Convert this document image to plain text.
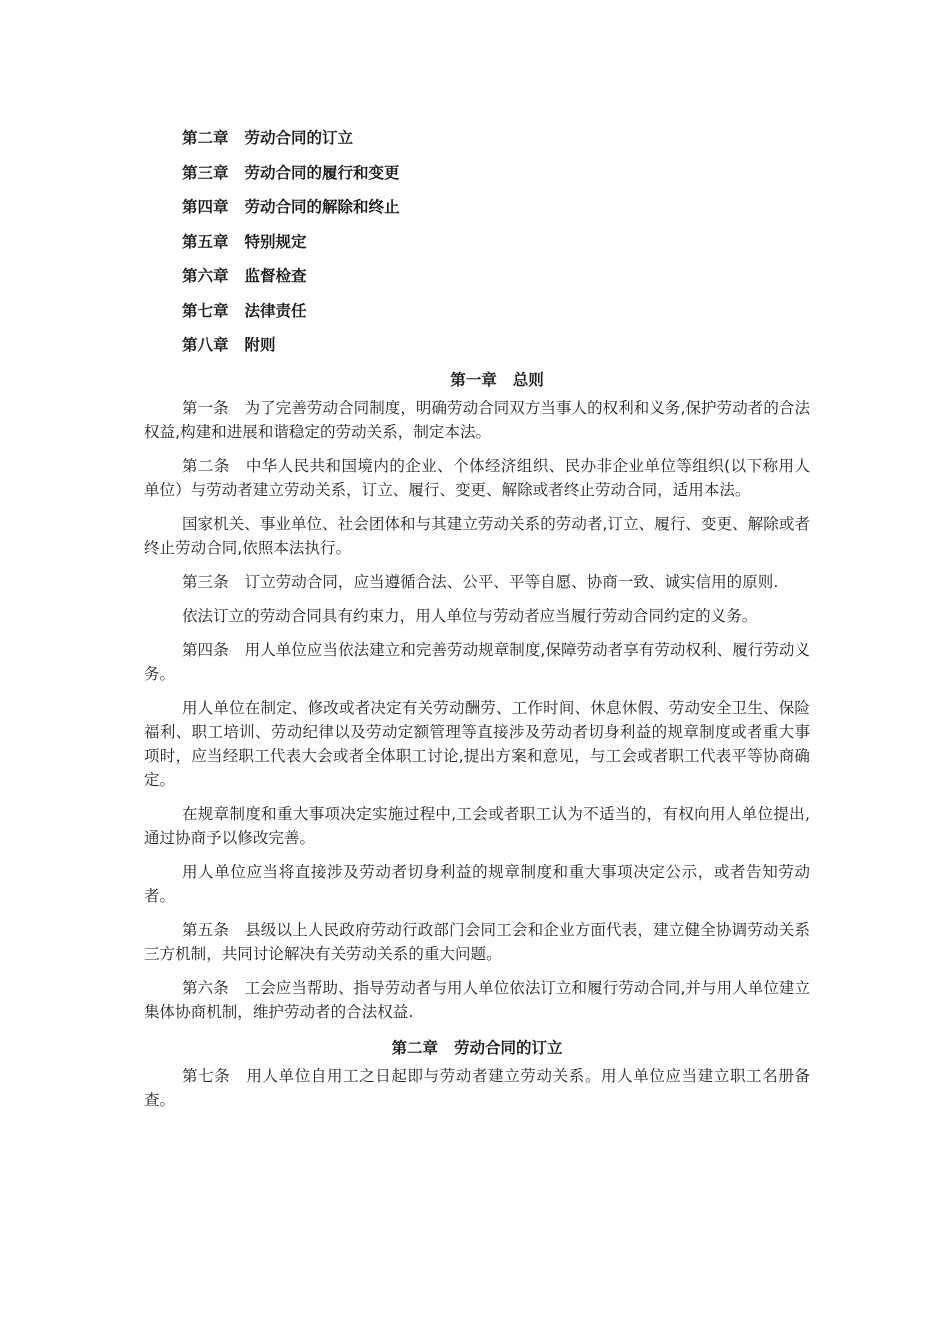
第二章 劳动合同的订立
第三章 劳动合同的履行和变更
第四章 劳动合同的解除和终止
第五章 特别规定
第六章 监督检查
第七章 法律责任
第八章 附则
第一章 总则

第一条 为了完善劳动合同制度，明确劳动合同双方当事人的权利和义务,保护劳动者的合法权益,构建和进展和谐稳定的劳动关系，制定本法。

第二条 中华人民共和国境内的企业、个体经济组织、民办非企业单位等组织(以下称用人单位）与劳动者建立劳动关系，订立、履行、变更、解除或者终止劳动合同，适用本法。

国家机关、事业单位、社会团体和与其建立劳动关系的劳动者,订立、履行、变更、解除或者终止劳动合同,依照本法执行。

第三条 订立劳动合同，应当遵循合法、公平、平等自愿、协商一致、诚实信用的原则.

依法订立的劳动合同具有约束力，用人单位与劳动者应当履行劳动合同约定的义务。

第四条 用人单位应当依法建立和完善劳动规章制度,保障劳动者享有劳动权利、履行劳动义务。

用人单位在制定、修改或者决定有关劳动酬劳、工作时间、休息休假、劳动安全卫生、保险福利、职工培训、劳动纪律以及劳动定额管理等直接涉及劳动者切身利益的规章制度或者重大事项时，应当经职工代表大会或者全体职工讨论,提出方案和意见，与工会或者职工代表平等协商确定。

在规章制度和重大事项决定实施过程中,工会或者职工认为不适当的，有权向用人单位提出,通过协商予以修改完善。

用人单位应当将直接涉及劳动者切身利益的规章制度和重大事项决定公示，或者告知劳动者。

第五条 县级以上人民政府劳动行政部门会同工会和企业方面代表，建立健全协调劳动关系三方机制，共同讨论解决有关劳动关系的重大问题。

第六条 工会应当帮助、指导劳动者与用人单位依法订立和履行劳动合同,并与用人单位建立集体协商机制，维护劳动者的合法权益.

第二章 劳动合同的订立

第七条 用人单位自用工之日起即与劳动者建立劳动关系。用人单位应当建立职工名册备查。
